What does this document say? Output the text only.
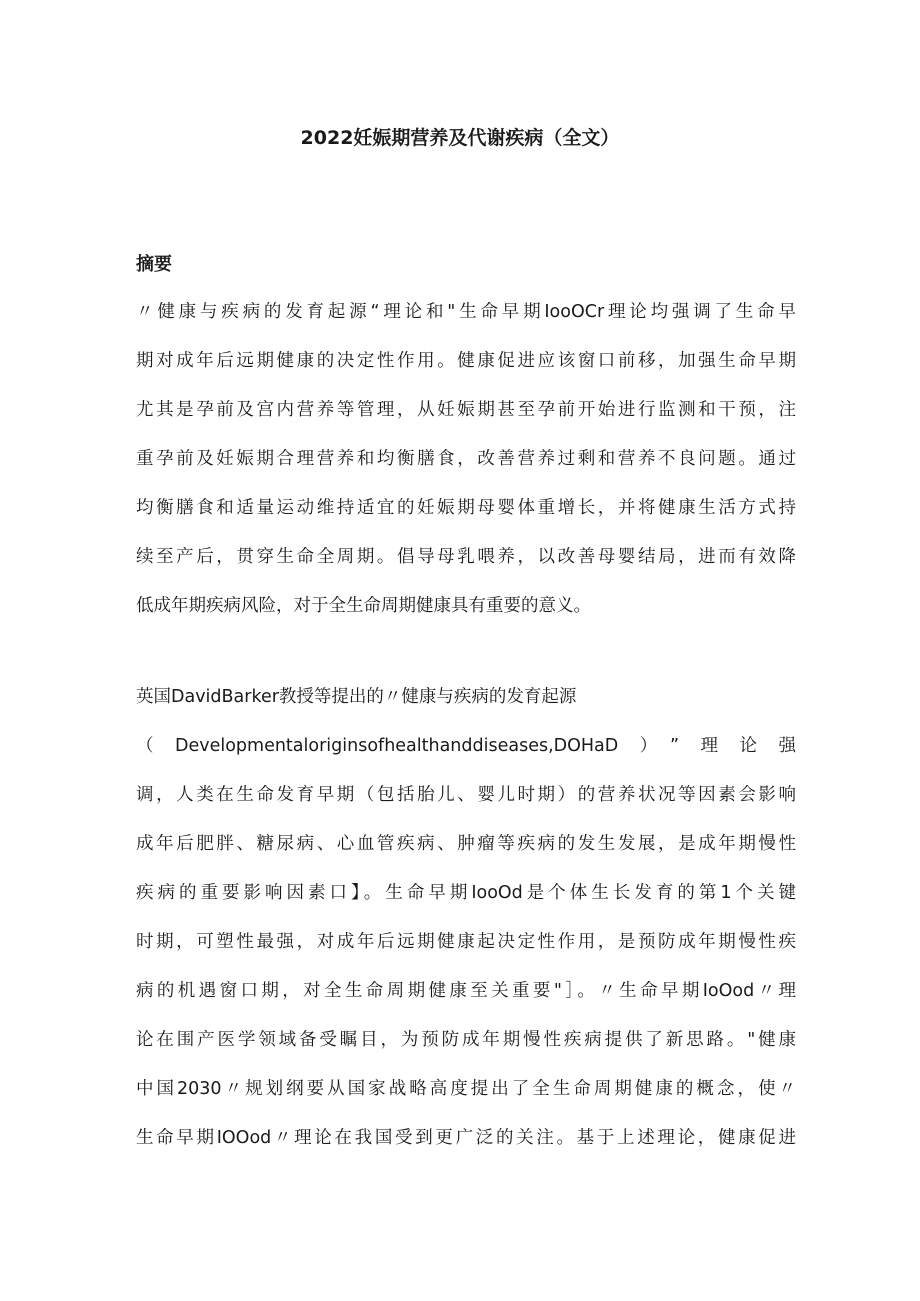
2022妊娠期营养及代谢疾病（全文）
摘要
〃健康与疾病的发育起源“理论和"生命早期IooOCr理论均强调了生命早
期对成年后远期健康的决定性作用。健康促进应该窗口前移，加强生命早期
尤其是孕前及宫内营养等管理，从妊娠期甚至孕前开始进行监测和干预，注
重孕前及妊娠期合理营养和均衡膳食，改善营养过剩和营养不良问题。通过
均衡膳食和适量运动维持适宜的妊娠期母婴体重增长，并将健康生活方式持
续至产后，贯穿生命全周期。倡导母乳喂养，以改善母婴结局，进而有效降
低成年期疾病风险，对于全生命周期健康具有重要的意义。
英国DavidBarker教授等提出的〃健康与疾病的发育起源
（Developmentaloriginsofhealthanddiseases,DOHaD）”理论强
调，人类在生命发育早期（包括胎儿、婴儿时期）的营养状况等因素会影响
成年后肥胖、糖尿病、心血管疾病、肿瘤等疾病的发生发展，是成年期慢性
疾病的重要影响因素口】。生命早期IooOd是个体生长发育的第1个关键
时期，可塑性最强，对成年后远期健康起决定性作用，是预防成年期慢性疾
病的机遇窗口期，对全生命周期健康至关重要"］。〃生命早期IoOod〃理
论在围产医学领域备受瞩目，为预防成年期慢性疾病提供了新思路。"健康
中国2030〃规划纲要从国家战略高度提出了全生命周期健康的概念，使〃
生命早期IOOod〃理论在我国受到更广泛的关注。基于上述理论，健康促进
